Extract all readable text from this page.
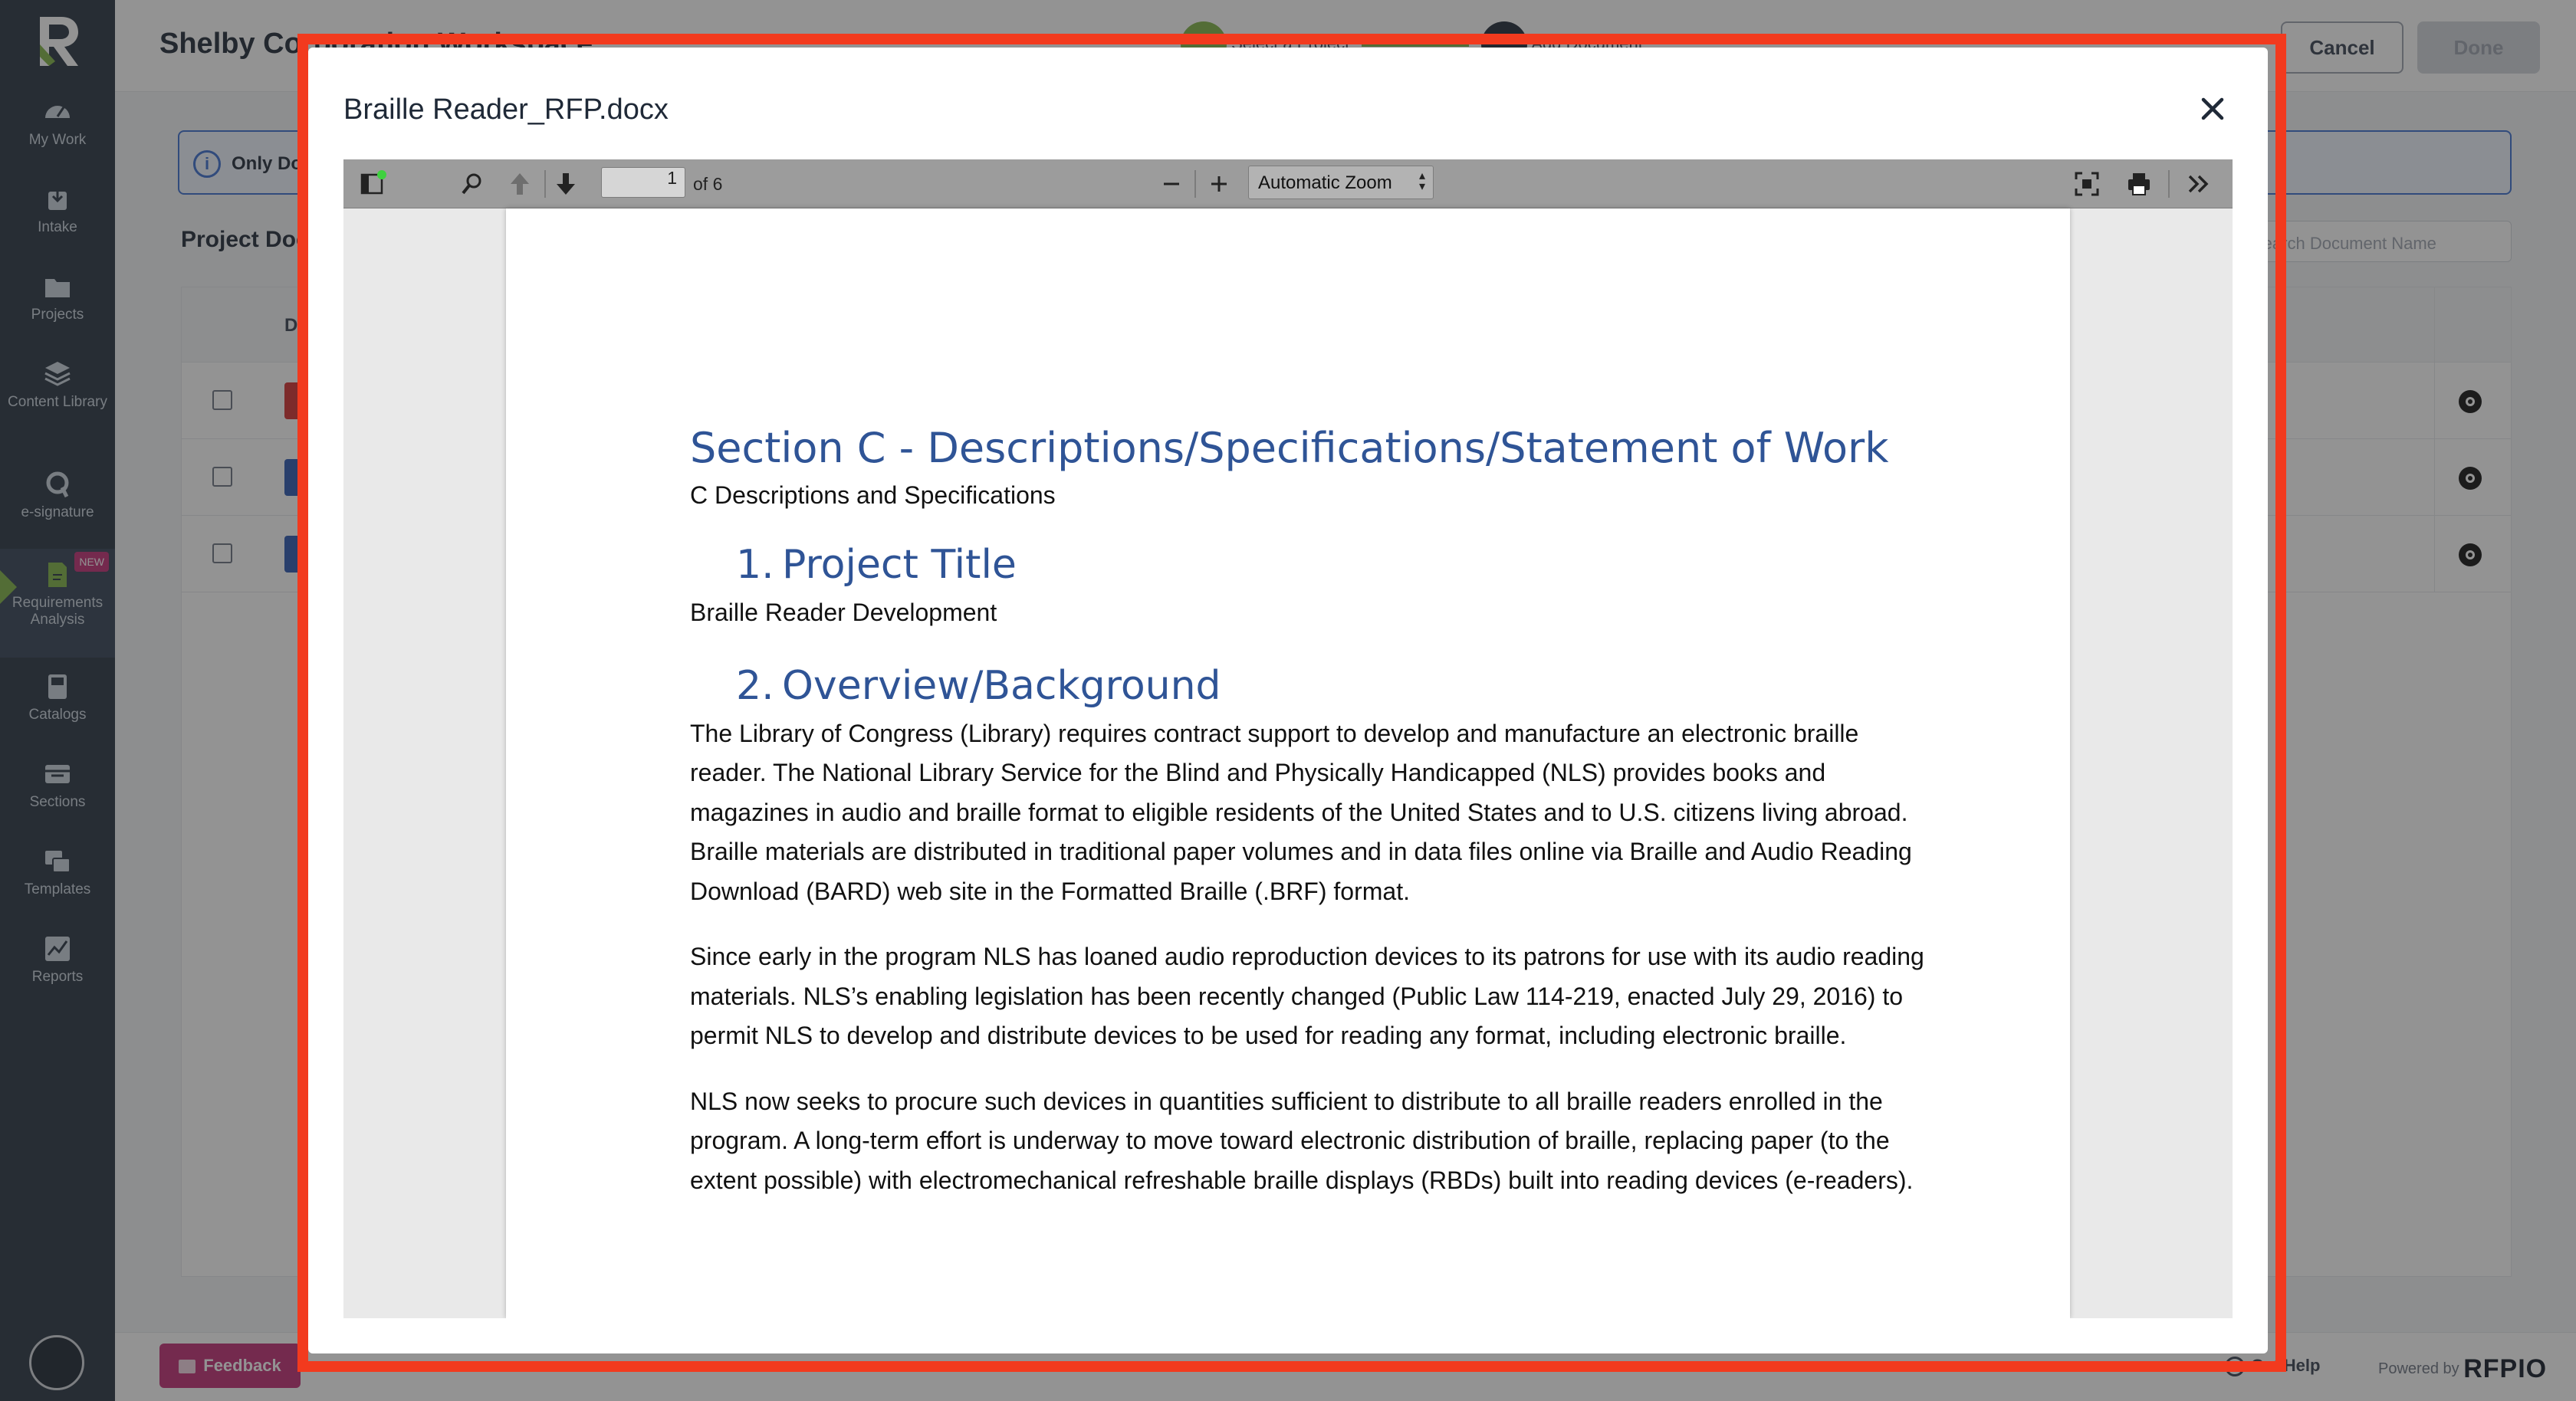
Braille Reader_RFP.docx
1 of 6	Automatic Zoom ▴
▾
Section C - Descriptions/Specifications/Statement of Work
C Descriptions and Specifications
1. Project Title
Braille Reader Development
2. Overview/Background
The Library of Congress (Library) requires contract support to develop and manufacture an electronic braille reader. The National Library Service for the Blind and Physically Handicapped (NLS) provides books and magazines in audio and braille format to eligible residents of the United States and to U.S. citizens living abroad. Braille materials are distributed in traditional paper volumes and in data files online via Braille and Audio Reading Download (BARD) web site in the Formatted Braille (.BRF) format.
Since early in the program NLS has loaned audio reproduction devices to its patrons for use with its audio reading materials. NLS’s enabling legislation has been recently changed (Public Law 114-219, enacted July 29, 2016) to permit NLS to develop and distribute devices to be used for reading any format, including electronic braille.
NLS now seeks to procure such devices in quantities sufficient to distribute to all braille readers enrolled in the program. A long-term effort is underway to move toward electronic distribution of braille, replacing paper (to the extent possible) with electromechanical refreshable braille displays (RBDs) built into reading devices (e-readers).
